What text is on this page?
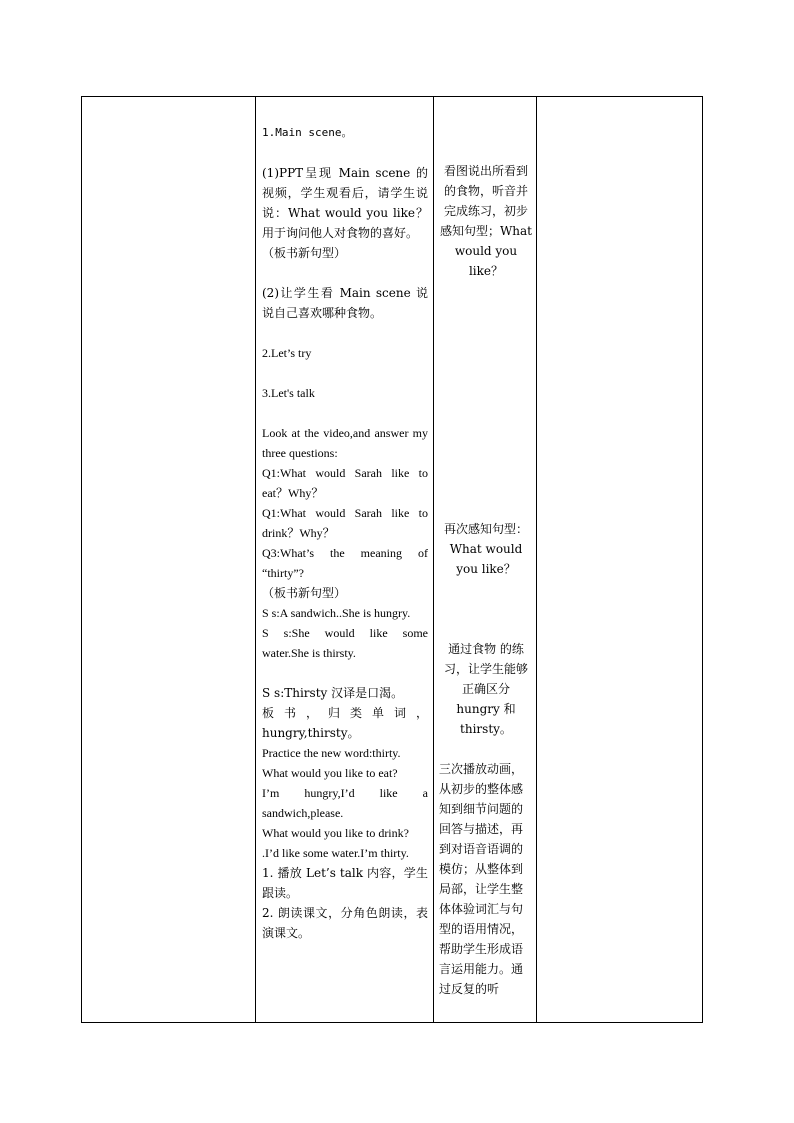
1.Main scene。
(1)PPT呈现 Main scene 的视频，学生观看后，请学生说说：What would you like？用于询问他人对食物的喜好。
（板书新句型）
(2)让学生看 Main scene 说说自己喜欢哪种食物。
2.Let’s try
3.Let's talk
Look at the video,and answer my three questions:
Q1:What would Sarah like to eat？Why？
Q1:What would Sarah like to drink？Why？
Q3:What’s the meaning of “thirty”?
（板书新句型）
S s:A sandwich..She is hungry.
S s:She would like some water.She is thirsty.
S s:Thirsty 汉译是口渴。
板书，归类单词，hungry,thirsty。
Practice the new word:thirty.
What would you like to eat?
I’m hungry,I’d like a sandwich,please.
What would you like to drink?
.I’d like some water.I’m thirty.
1. 播放 Let’s talk 内容，学生跟读。
2. 朗读课文，分角色朗读，表演课文。
看图说出所看到的食物，听音并完成练习，初步感知句型；What would you like？
再次感知句型：What would you like？
通过食物 的练习，让学生能够正确区分 hungry 和 thirsty。
三次播放动画，从初步的整体感知到细节问题的回答与描述，再到对语音语调的模仿；从整体到局部，让学生整体体验词汇与句型的语用情况，帮助学生形成语言运用能力。通过反复的听
